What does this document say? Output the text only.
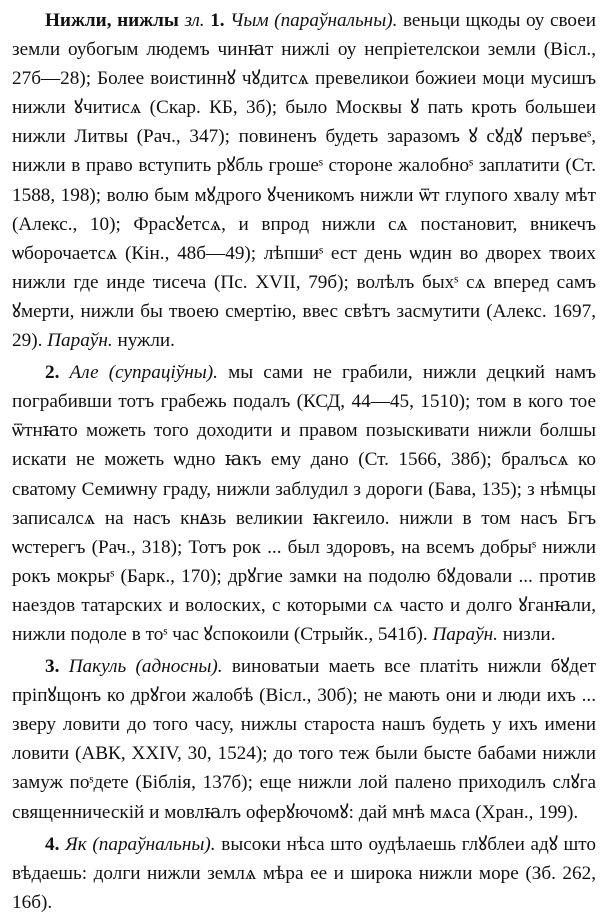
Нижли, нижлы зл. 1. Чым (параўнальны). веньци щкоды оу своеи земли оубогым людемъ чинꙗт нижлі оу непріетелскои земли (Вісл., 27б—28); Более воистиннꙋ чꙋдитсѧ превеликои божиеи моци мусишъ нижли ꙋчитисѧ (Скар. КБ, 3б); было Москвы ꙋ пать кроть большеи нижли Литвы (Рач., 347); повиненъ будеть заразомъ ꙋ сꙋдꙋ перъвеˢ, нижли в право вступить рꙋбль грошеˢ стороне жалобноˢ заплатити (Ст. 1588, 198); волю бым мꙋдрого ꙋченикомъ нижли ѿт глупого хвалу мѣт (Алекс., 10); Фрасꙋетсѧ, и впрод нижли сѧ постановит, вникечъ ѡборочаетсѧ (Кін., 48б—49); лѣпшиˢ ест день ѡдин во дворех твоих нижли где инде тисеча (Пс. XVII, 79б); волѣлъ быхˢ сѧ вперед самъ ꙋмерти, нижли бы твоею смертію, ввес свѣтъ засмутити (Алекс. 1697, 29). Параўн. нужли.

2. Але (супраціўны). мы сами не грабили, нижли децкий намъ пограбивши тотъ грабежь подалъ (КСД, 44—45, 1510); том в кого тое ѿтнꙗто можеть того доходити и правом позыскивати нижли болшы искати не можеть ѡдно ꙗкъ ему дано (Ст. 1566, 38б); бралъсѧ ко сватому Семиѡну граду, нижли заблудил з дороги (Бава, 135); з нѣмцы записалсѧ на насъ кнꙙзь великии ꙗкгеило. нижли в том насъ Бгъ ѡстерегъ (Рач., 318); Тотъ рок ... был здоровъ, на всемъ добрыˢ нижли рокъ мокрыˢ (Барк., 170); дрꙋгие замки на подолю бꙋдовали ... против наездов татарских и волоских, с которыми сѧ часто и долго ꙋганꙗли, нижли подоле в тоˢ час ꙋспокоили (Стрыйк., 541б). Параўн. низли.

3. Пакуль (адносны). виноватыи маеть все платіть нижли бꙋдет пріпꙋщонъ ко дрꙋгои жалобѣ (Вісл., 30б); не мають они и люди ихъ ... зверу ловити до того часу, нижлы староста нашъ будеть у ихъ имени ловити (АВК, XXIV, 30, 1524); до того теж были бысте бабами нижли замуж поˢдете (Біблія, 137б); еще нижли лой палено приходилъ слꙋга священническій и мовлꙗлъ оферꙋючомꙋ: дай мнѣ мѧса (Хран., 199).

4. Як (параўнальны). высоки нѣса што оудѣлаешь глꙋблеи адꙋ што вѣдаешь: долги нижли землѧ мѣра ее и широка нижли море (Зб. 262, 16б).
